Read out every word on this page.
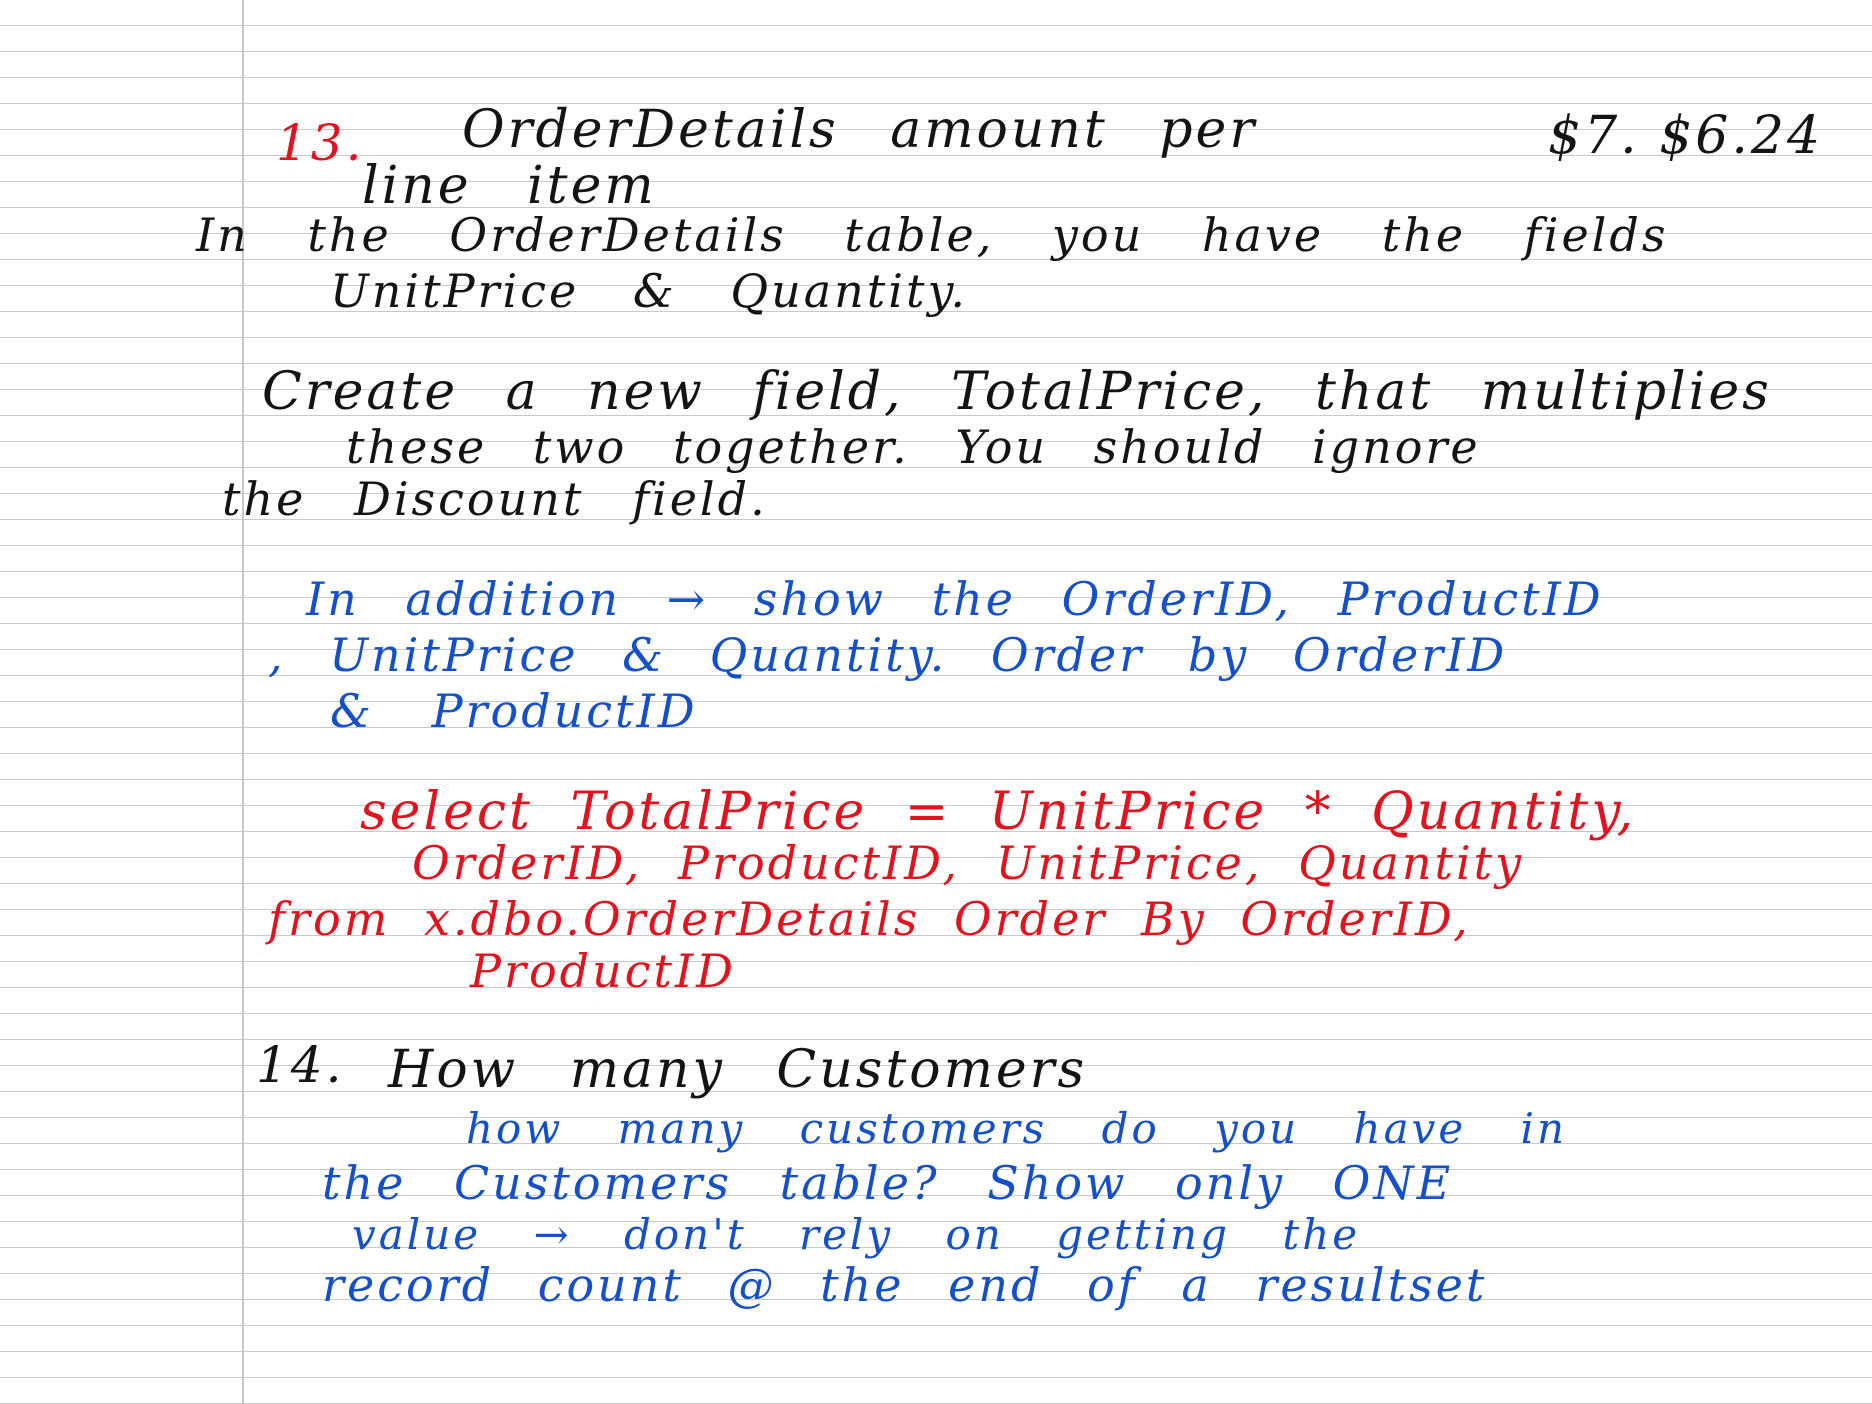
13. OrderDetails amount per	$7. $6.24
line item
In the OrderDetails table, you have the fields
UnitPrice & Quantity.
Create a new field, TotalPrice, that multiplies
these two together. You should ignore
the Discount field.
In addition → show the OrderID, ProductID
, UnitPrice & Quantity. Order by OrderID
& ProductID
select TotalPrice = UnitPrice * Quantity,
OrderID, ProductID, UnitPrice, Quantity
from x.dbo.OrderDetails Order By OrderID,
ProductID
14. How many Customers
how many customers do you have in
the Customers table? Show only ONE
value → don't rely on getting the
record count @ the end of a resultset
